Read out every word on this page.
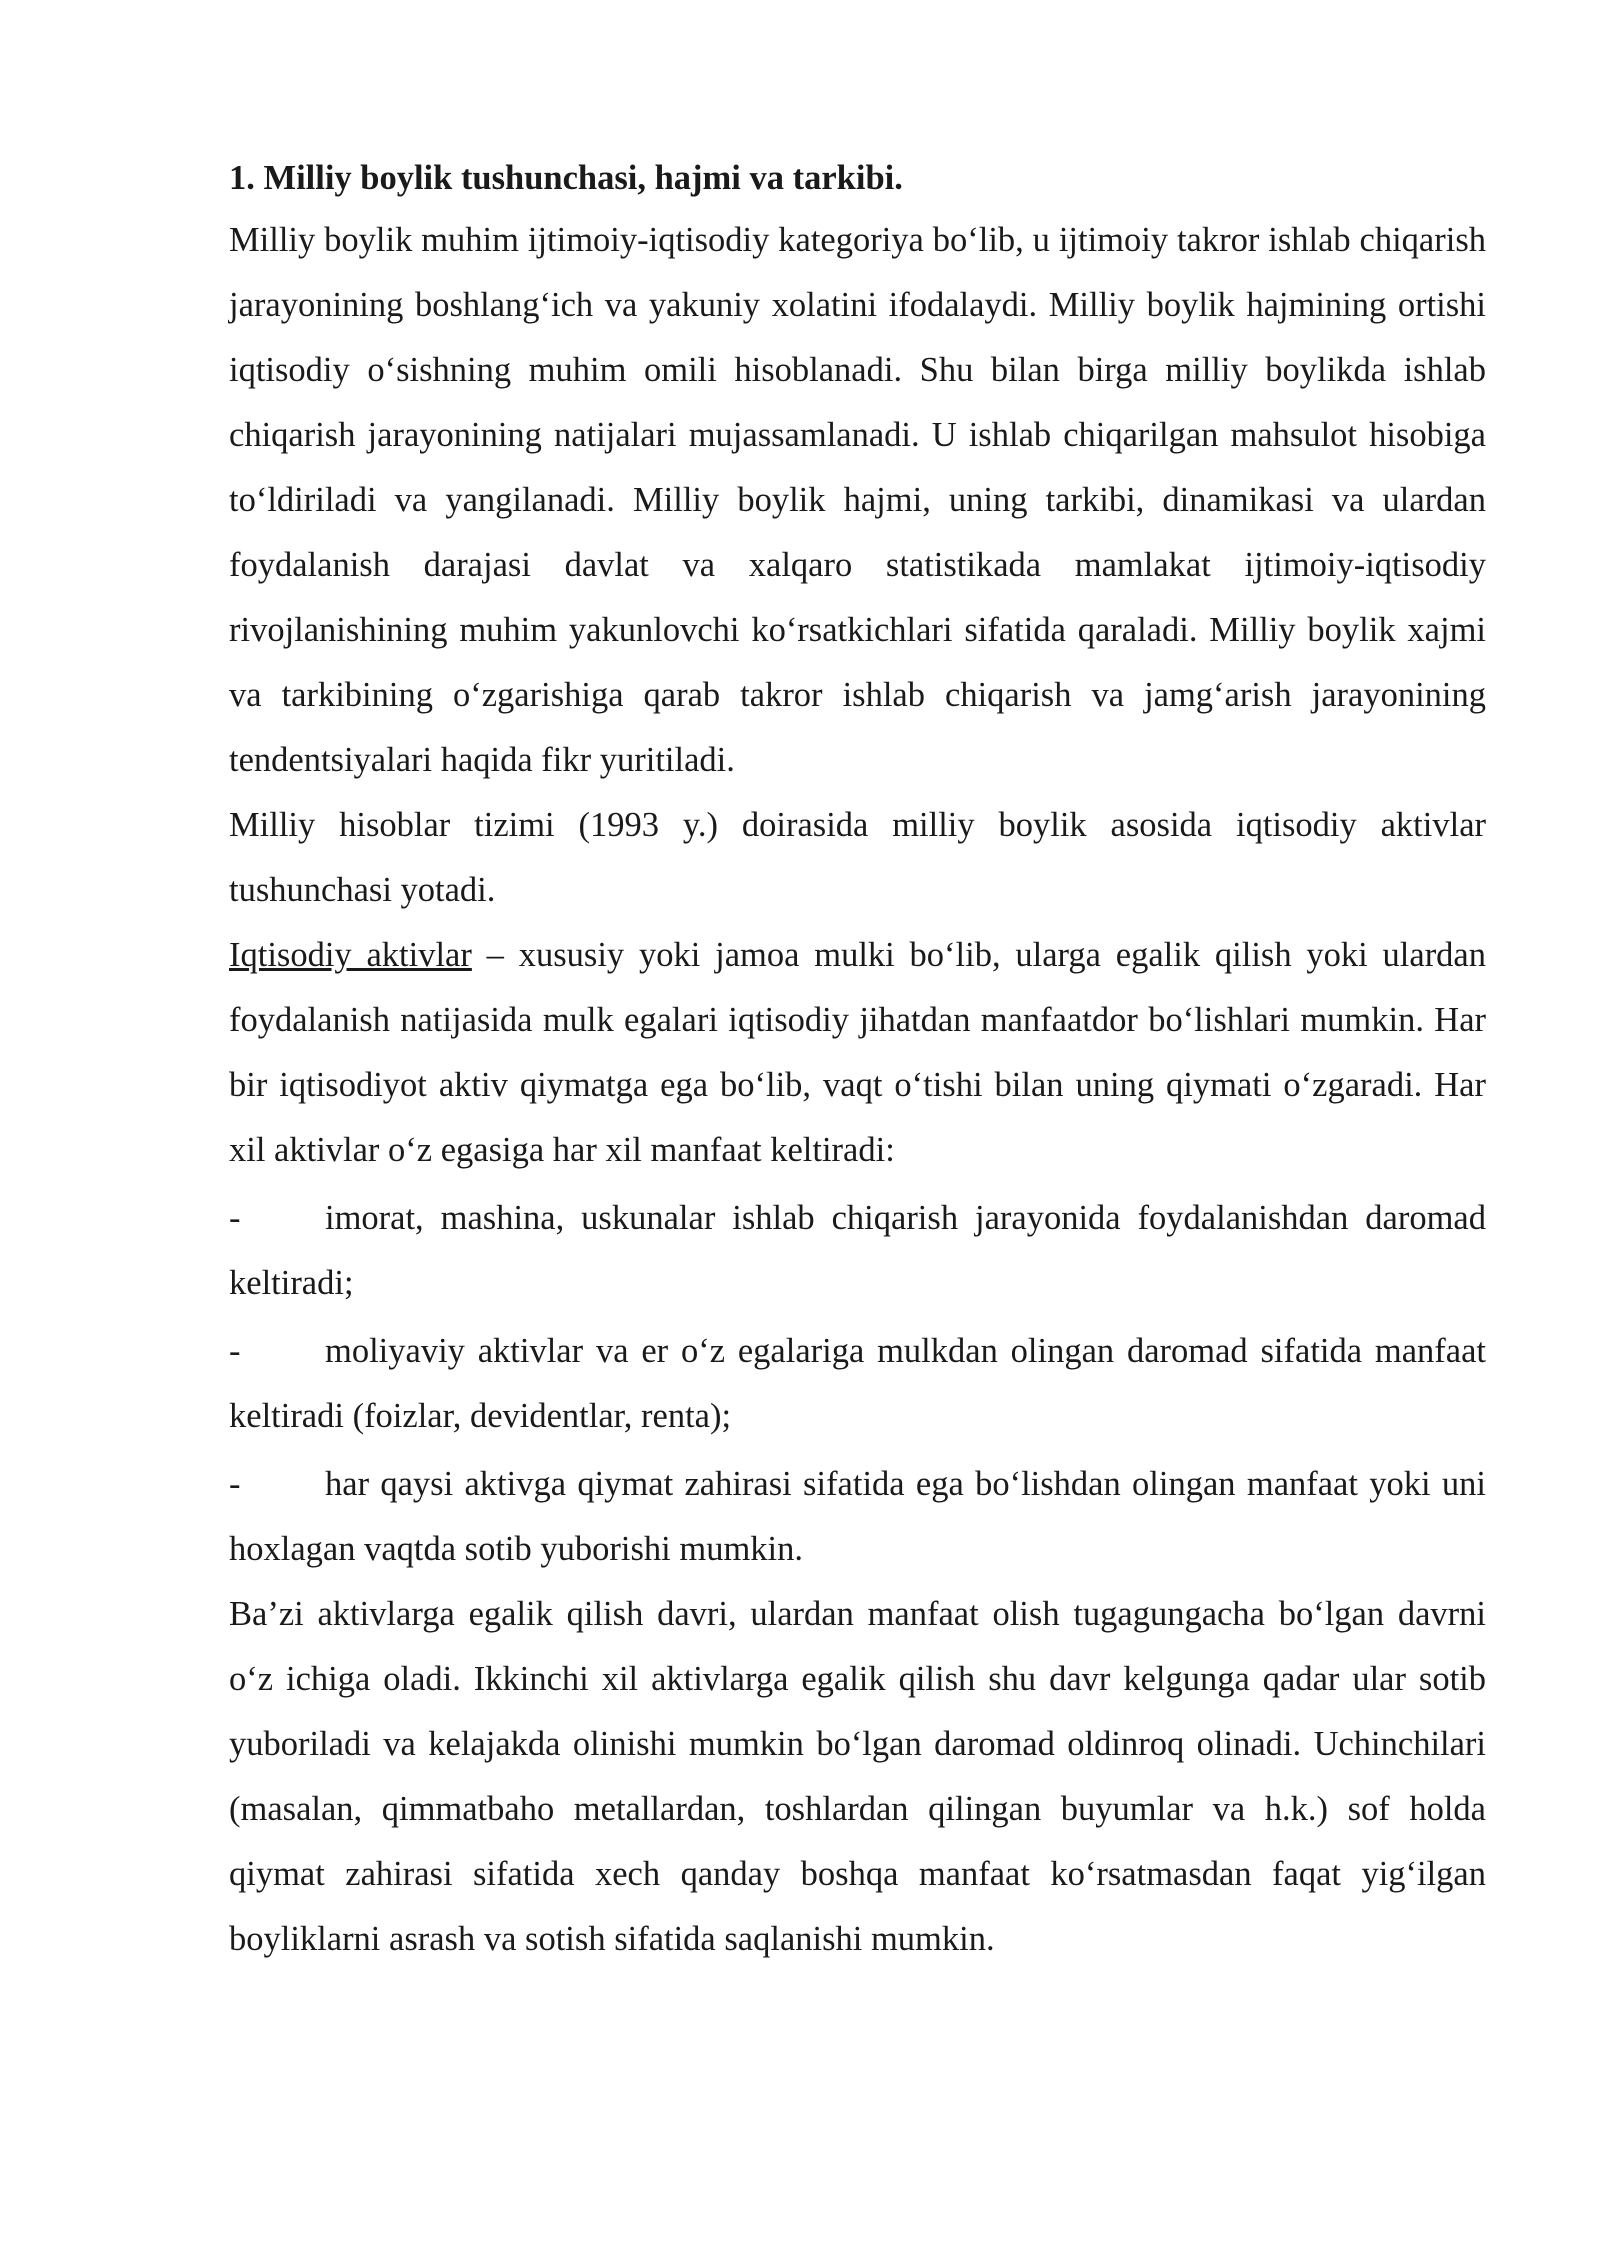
1. Milliy boylik tushunchasi, hajmi va tarkibi.

Milliy boylik muhim ijtimoiy-iqtisodiy kategoriya bo‘lib, u ijtimoiy takror ishlab chiqarish jarayonining boshlang‘ich va yakuniy xolatini ifodalaydi. Milliy boylik hajmining ortishi iqtisodiy o‘sishning muhim omili hisoblanadi. Shu bilan birga milliy boylikda ishlab chiqarish jarayonining natijalari mujassamlanadi. U ishlab chiqarilgan mahsulot hisobiga to‘ldiriladi va yangilanadi. Milliy boylik hajmi, uning tarkibi, dinamikasi va ulardan foydalanish darajasi davlat va xalqaro statistikada mamlakat ijtimoiy-iqtisodiy rivojlanishining muhim yakunlovchi ko‘rsatkichlari sifatida qaraladi. Milliy boylik xajmi va tarkibining o‘zgarishiga qarab takror ishlab chiqarish va jamg‘arish jarayonining tendentsiyalari haqida fikr yuritiladi.

Milliy hisoblar tizimi (1993 y.) doirasida milliy boylik asosida iqtisodiy aktivlar tushunchasi yotadi.

Iqtisodiy aktivlar – xususiy yoki jamoa mulki bo‘lib, ularga egalik qilish yoki ulardan foydalanish natijasida mulk egalari iqtisodiy jihatdan manfaatdor bo‘lishlari mumkin. Har bir iqtisodiyot aktiv qiymatga ega bo‘lib, vaqt o‘tishi bilan uning qiymati o‘zgaradi. Har xil aktivlar o‘z egasiga har xil manfaat keltiradi:

- imorat, mashina, uskunalar ishlab chiqarish jarayonida foydalanishdan daromad keltiradi;

- moliyaviy aktivlar va er o‘z egalariga mulkdan olingan daromad sifatida manfaat keltiradi (foizlar, devidentlar, renta);

- har qaysi aktivga qiymat zahirasi sifatida ega bo‘lishdan olingan manfaat yoki uni hoxlagan vaqtda sotib yuborishi mumkin.

Ba’zi aktivlarga egalik qilish davri, ulardan manfaat olish tugagungacha bo‘lgan davrni o‘z ichiga oladi. Ikkinchi xil aktivlarga egalik qilish shu davr kelgunga qadar ular sotib yuboriladi va kelajakda olinishi mumkin bo‘lgan daromad oldinroq olinadi. Uchinchilari (masalan, qimmatbaho metallardan, toshlardan qilingan buyumlar va h.k.) sof holda qiymat zahirasi sifatida xech qanday boshqa manfaat ko‘rsatmasdan faqat yig‘ilgan boyliklarni asrash va sotish sifatida saqlanishi mumkin.
